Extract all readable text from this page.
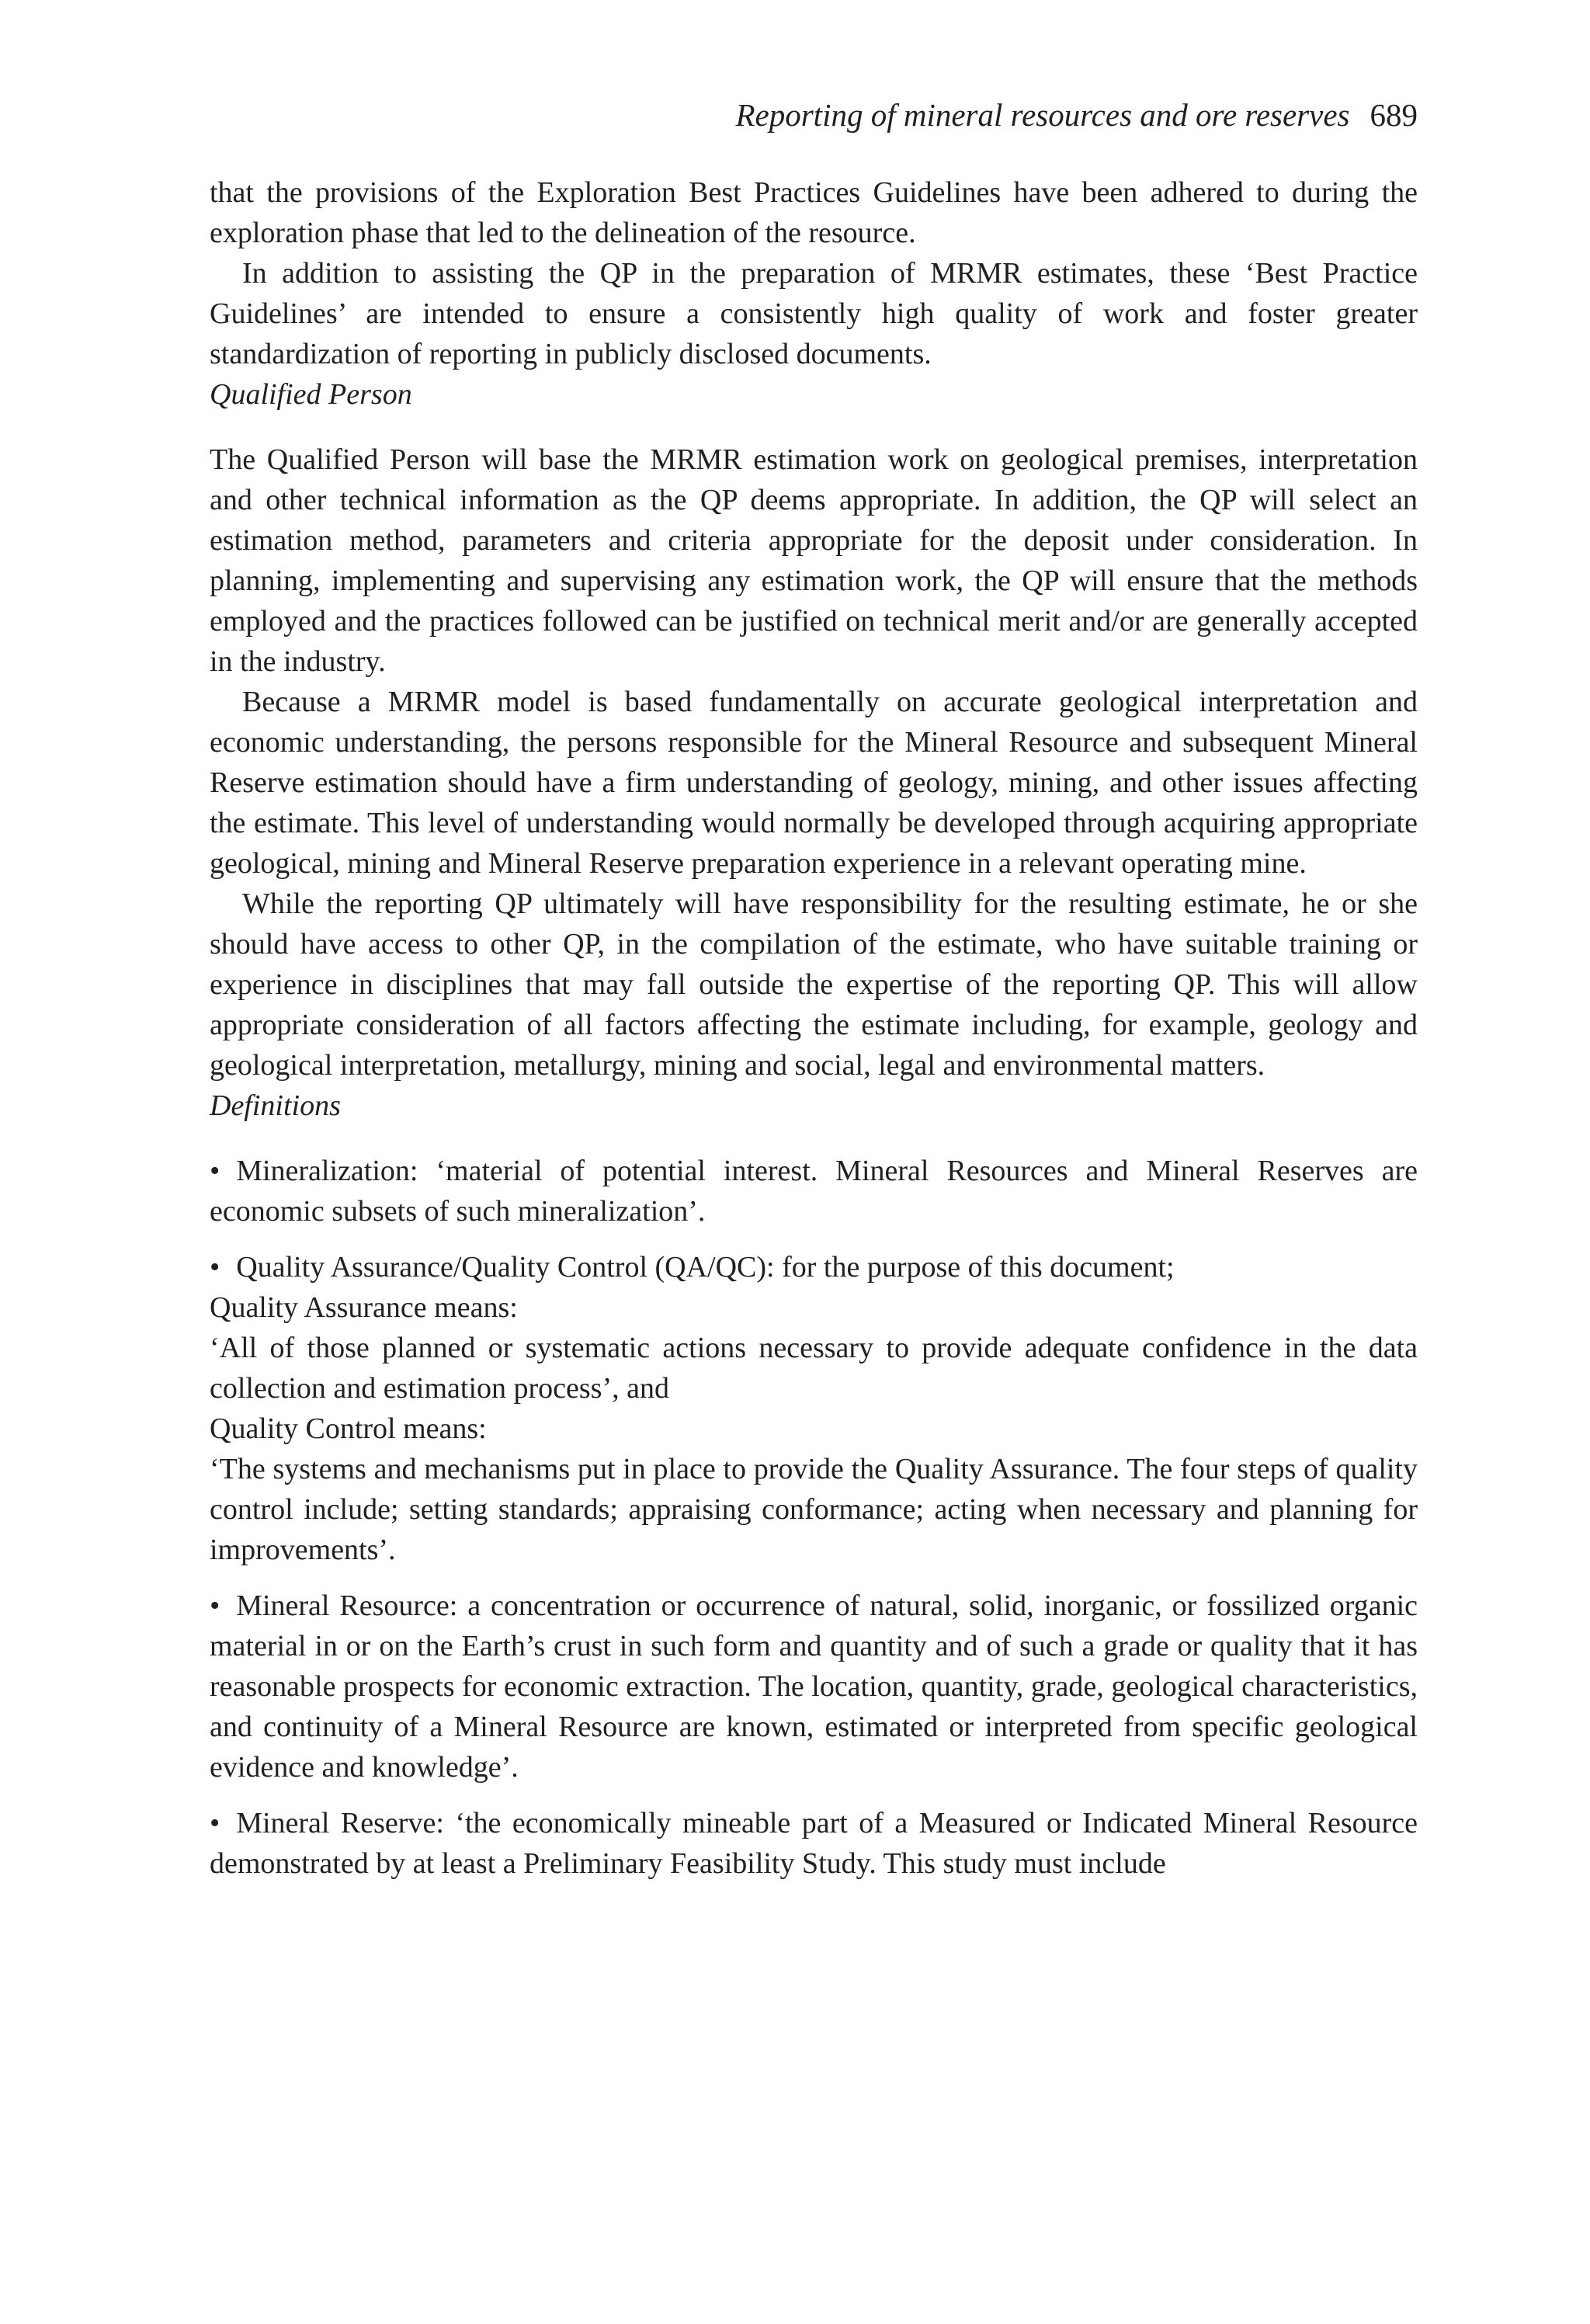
Reporting of mineral resources and ore reserves 689

that the provisions of the Exploration Best Practices Guidelines have been adhered to during the exploration phase that led to the delineation of the resource.

In addition to assisting the QP in the preparation of MRMR estimates, these ‘Best Practice Guidelines’ are intended to ensure a consistently high quality of work and foster greater standardization of reporting in publicly disclosed documents.

Qualified Person

The Qualified Person will base the MRMR estimation work on geological premises, interpretation and other technical information as the QP deems appropriate. In addition, the QP will select an estimation method, parameters and criteria appropriate for the deposit under consideration. In planning, implementing and supervising any estimation work, the QP will ensure that the methods employed and the practices followed can be justified on technical merit and/or are generally accepted in the industry.

Because a MRMR model is based fundamentally on accurate geological interpretation and economic understanding, the persons responsible for the Mineral Resource and subsequent Mineral Reserve estimation should have a firm understanding of geology, mining, and other issues affecting the estimate. This level of understanding would normally be developed through acquiring appropriate geological, mining and Mineral Reserve preparation experience in a relevant operating mine.

While the reporting QP ultimately will have responsibility for the resulting estimate, he or she should have access to other QP, in the compilation of the estimate, who have suitable training or experience in disciplines that may fall outside the expertise of the reporting QP. This will allow appropriate consideration of all factors affecting the estimate including, for example, geology and geological interpretation, metallurgy, mining and social, legal and environmental matters.

Definitions

• Mineralization: ‘material of potential interest. Mineral Resources and Mineral Reserves are economic subsets of such mineralization’.

• Quality Assurance/Quality Control (QA/QC): for the purpose of this document;

Quality Assurance means:

‘All of those planned or systematic actions necessary to provide adequate confidence in the data collection and estimation process’, and

Quality Control means:

‘The systems and mechanisms put in place to provide the Quality Assurance. The four steps of quality control include; setting standards; appraising conformance; acting when necessary and planning for improvements’.

• Mineral Resource: a concentration or occurrence of natural, solid, inorganic, or fossilized organic material in or on the Earth’s crust in such form and quantity and of such a grade or quality that it has reasonable prospects for economic extraction. The location, quantity, grade, geological characteristics, and continuity of a Mineral Resource are known, estimated or interpreted from specific geological evidence and knowledge’.

• Mineral Reserve: ‘the economically mineable part of a Measured or Indicated Mineral Resource demonstrated by at least a Preliminary Feasibility Study. This study must include
